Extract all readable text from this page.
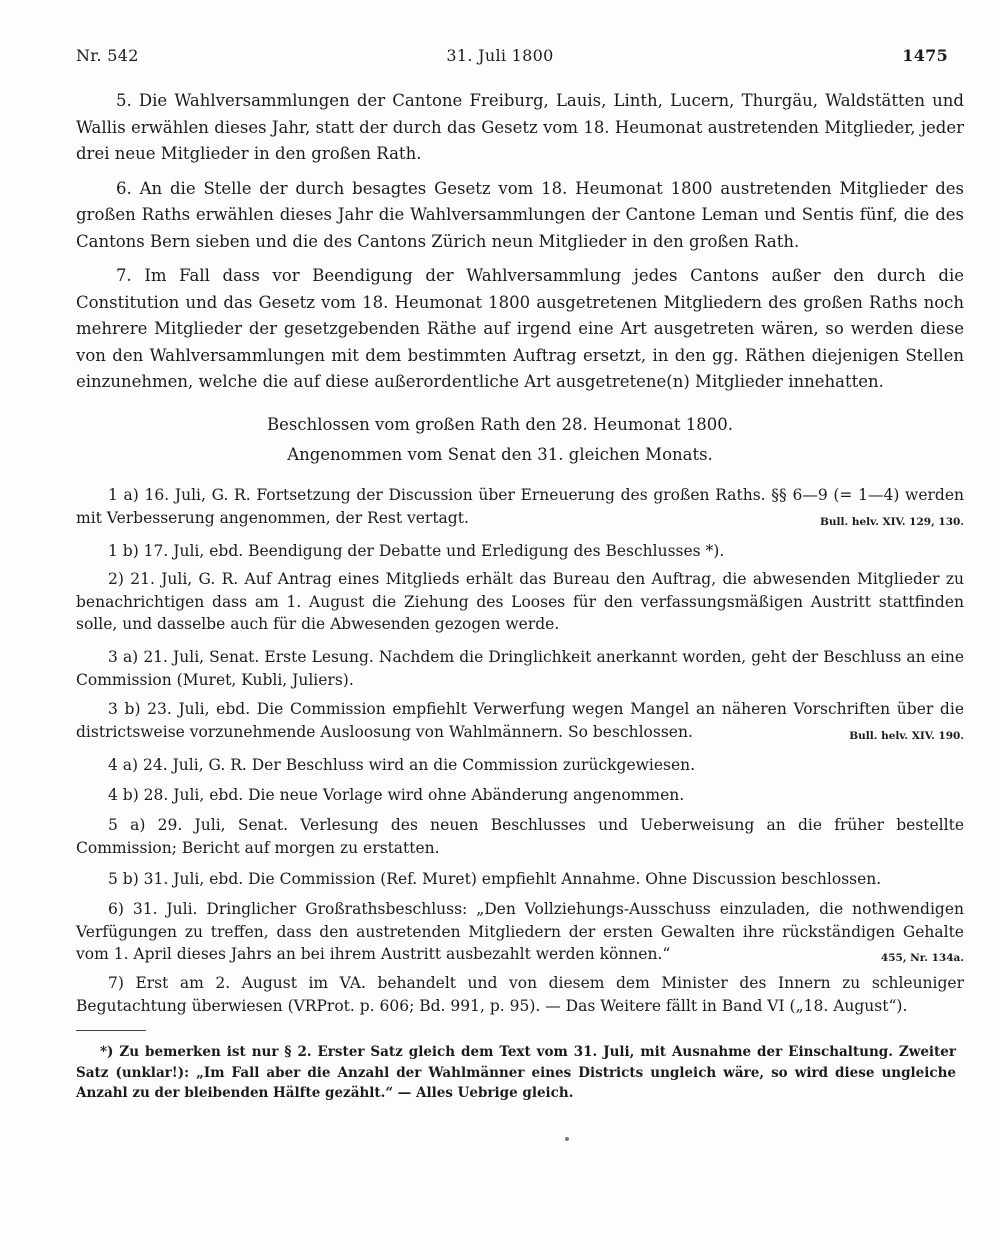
31. Juli 1800
Nr. 542	1475

5. Die Wahlversammlungen der Cantone Freiburg, Lauis, Linth, Lucern, Thurgäu, Waldstätten und Wallis erwählen dieses Jahr, statt der durch das Gesetz vom 18. Heumonat austretenden Mitglieder, jeder drei neue Mitglieder in den großen Rath.

6. An die Stelle der durch besagtes Gesetz vom 18. Heumonat 1800 austretenden Mitglieder des großen Raths erwählen dieses Jahr die Wahlversammlungen der Cantone Leman und Sentis fünf, die des Cantons Bern sieben und die des Cantons Zürich neun Mitglieder in den großen Rath.

7. Im Fall dass vor Beendigung der Wahlversammlung jedes Cantons außer den durch die Constitution und das Gesetz vom 18. Heumonat 1800 ausgetretenen Mitgliedern des großen Raths noch mehrere Mitglieder der gesetzgebenden Räthe auf irgend eine Art ausgetreten wären, so werden diese von den Wahlversammlungen mit dem bestimmten Auftrag ersetzt, in den gg. Räthen diejenigen Stellen einzunehmen, welche die auf diese außerordentliche Art ausgetretene(n) Mitglieder innehatten.

Beschlossen vom großen Rath den 28. Heumonat 1800.
Angenommen vom Senat den 31. gleichen Monats.

1 a) 16. Juli, G. R. Fortsetzung der Discussion über Erneuerung des großen Raths. §§ 6—9 (= 1—4) werden mit Verbesserung angenommen, der Rest vertagt.	Bull. helv. XIV. 129, 130.

1 b) 17. Juli, ebd. Beendigung der Debatte und Erledigung des Beschlusses *).

2) 21. Juli, G. R. Auf Antrag eines Mitglieds erhält das Bureau den Auftrag, die abwesenden Mitglieder zu benachrichtigen dass am 1. August die Ziehung des Looses für den verfassungsmäßigen Austritt stattfinden solle, und dasselbe auch für die Abwesenden gezogen werde.

3 a) 21. Juli, Senat. Erste Lesung. Nachdem die Dringlichkeit anerkannt worden, geht der Beschluss an eine Commission (Muret, Kubli, Juliers).

3 b) 23. Juli, ebd. Die Commission empfiehlt Verwerfung wegen Mangel an näheren Vorschriften über die districtsweise vorzunehmende Ausloosung von Wahlmännern. So beschlossen.	Bull. helv. XIV. 190.

4 a) 24. Juli, G. R. Der Beschluss wird an die Commission zurückgewiesen.

4 b) 28. Juli, ebd. Die neue Vorlage wird ohne Abänderung angenommen.

5 a) 29. Juli, Senat. Verlesung des neuen Beschlusses und Ueberweisung an die früher bestellte Commission; Bericht auf morgen zu erstatten.

5 b) 31. Juli, ebd. Die Commission (Ref. Muret) empfiehlt Annahme. Ohne Discussion beschlossen.

6) 31. Juli. Dringlicher Großrathsbeschluss: „Den Vollziehungs-Ausschuss einzuladen, die nothwendigen Verfügungen zu treffen, dass den austretenden Mitgliedern der ersten Gewalten ihre rückständigen Gehalte vom 1. April dieses Jahrs an bei ihrem Austritt ausbezahlt werden können.“	455, Nr. 134a.

7) Erst am 2. August im VA. behandelt und von diesem dem Minister des Innern zu schleuniger Begutachtung überwiesen (VRProt. p. 606; Bd. 991, p. 95). — Das Weitere fällt in Band VI („18. August“).

*) Zu bemerken ist nur § 2. Erster Satz gleich dem Text vom 31. Juli, mit Ausnahme der Einschaltung. Zweiter Satz (unklar!): „Im Fall aber die Anzahl der Wahlmänner eines Districts ungleich wäre, so wird diese ungleiche Anzahl zu der bleibenden Hälfte gezählt.“ — Alles Uebrige gleich.
